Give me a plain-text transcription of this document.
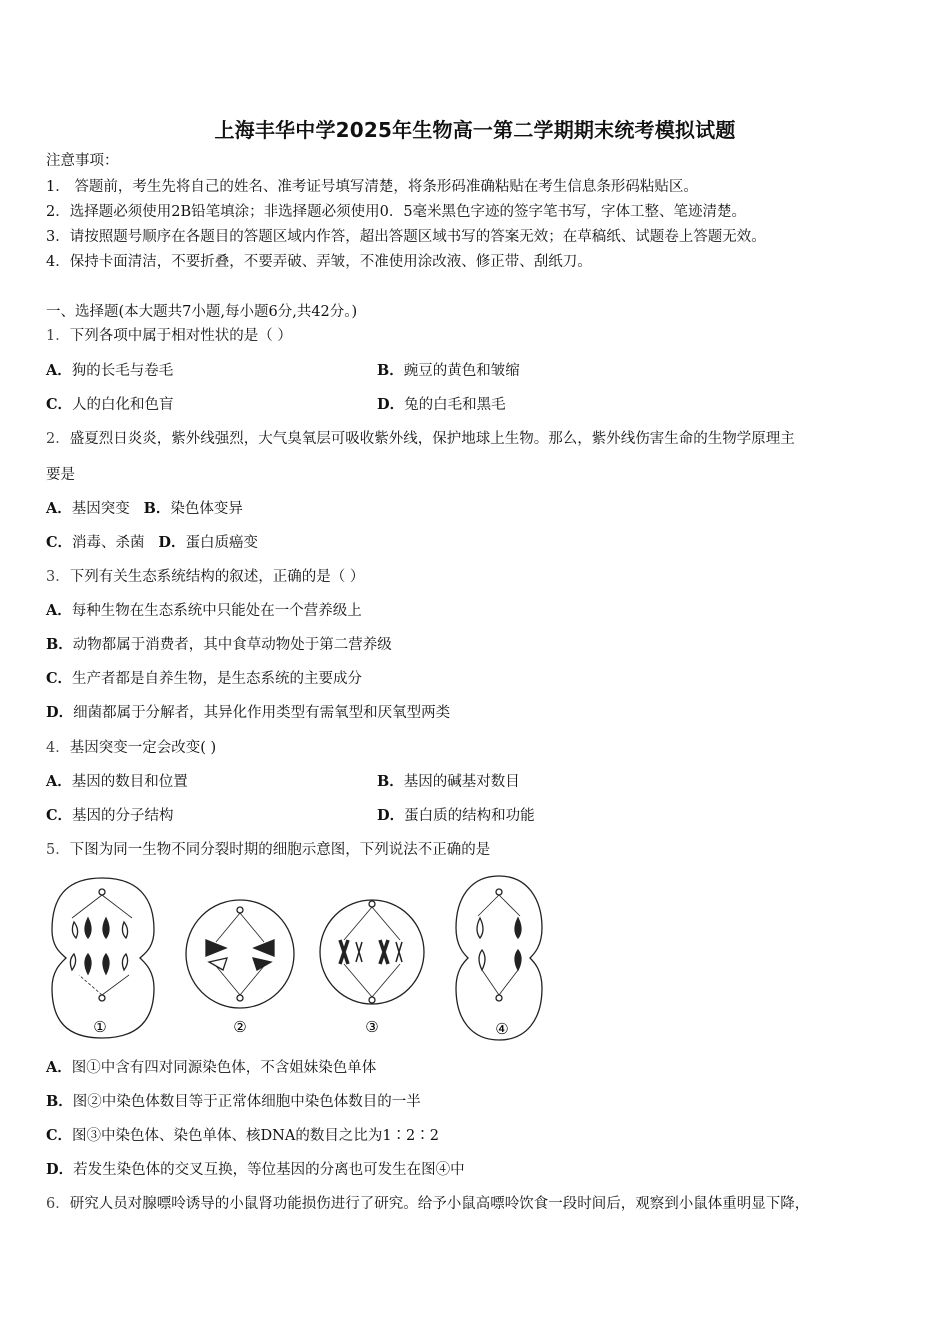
上海丰华中学2025年生物高一第二学期期末统考模拟试题
注意事项：
1． 答题前，考生先将自己的姓名、准考证号填写清楚，将条形码准确粘贴在考生信息条形码粘贴区。
2．选择题必须使用2B铅笔填涂；非选择题必须使用0．5毫米黑色字迹的签字笔书写，字体工整、笔迹清楚。
3．请按照题号顺序在各题目的答题区域内作答，超出答题区域书写的答案无效；在草稿纸、试题卷上答题无效。
4．保持卡面清洁，不要折叠，不要弄破、弄皱，不准使用涂改液、修正带、刮纸刀。
一、选择题(本大题共7小题,每小题6分,共42分。)
1．下列各项中属于相对性状的是（ ）
A．狗的长毛与卷毛	B．豌豆的黄色和皱缩
C．人的白化和色盲	D．兔的白毛和黑毛
2．盛夏烈日炎炎，紫外线强烈，大气臭氧层可吸收紫外线，保护地球上生物。那么，紫外线伤害生命的生物学原理主
要是
A．基因突变 B．染色体变异
C．消毒、杀菌 D．蛋白质癌变
3．下列有关生态系统结构的叙述，正确的是（ ）
A．每种生物在生态系统中只能处在一个营养级上
B．动物都属于消费者，其中食草动物处于第二营养级
C．生产者都是自养生物，是生态系统的主要成分
D．细菌都属于分解者，其异化作用类型有需氧型和厌氧型两类
4．基因突变一定会改变( )
A．基因的数目和位置	B．基因的碱基对数目
C．基因的分子结构	D．蛋白质的结构和功能
5．下图为同一生物不同分裂时期的细胞示意图，下列说法不正确的是
①	②	③	④
A．图①中含有四对同源染色体，不含姐妹染色单体
B．图②中染色体数目等于正常体细胞中染色体数目的一半
C．图③中染色体、染色单体、核DNA的数目之比为1∶2∶2
D．若发生染色体的交叉互换，等位基因的分离也可发生在图④中
6．研究人员对腺嘌呤诱导的小鼠肾功能损伤进行了研究。给予小鼠高嘌呤饮食一段时间后，观察到小鼠体重明显下降，
